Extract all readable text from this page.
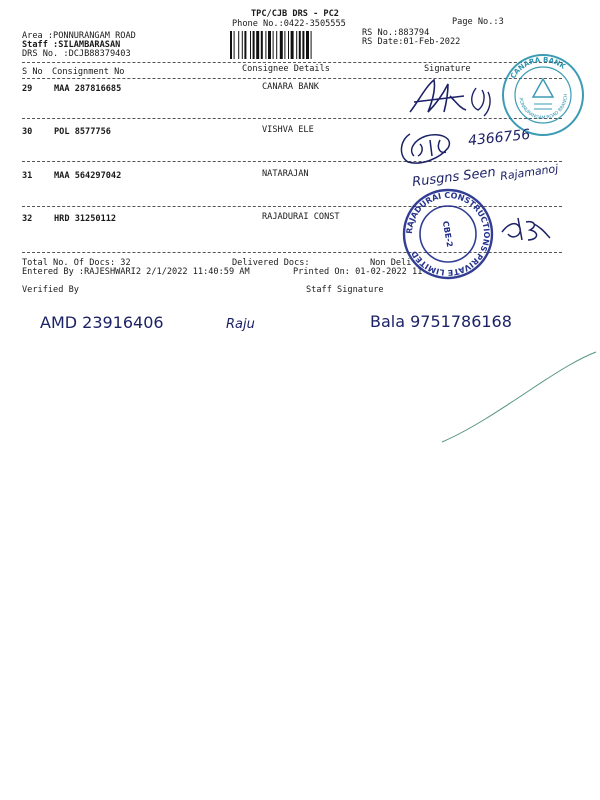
TPC/CJB DRS - PC2
Phone No.:0422-3505555	Page No.:3
Area :PONNURANGAM ROAD
Staff :SILAMBARASAN
DRS No. :DCJB88379403
RS No.:883794
RS Date:01-Feb-2022
S No Consignment No	Consignee Details	Signature
29	MAA 287816685	CANARA BANK
30	POL 8577756	VISHVA ELE
31	MAA 564297042	NATARAJAN
32	HRD 31250112	RAJADURAI CONST
Total No. Of Docs: 32	Delivered Docs:	Non Deli
Entered By :RAJESHWARI2 2/1/2022 11:40:59 AM	Printed On: 01-02-2022 11
Verified By	Staff Signature
CANARA BANK
PONNURANGAM ROAD BRANCH
RAJADURAI CONSTRUCTIONS PRIVATE LIMITED
CBE-2
4366756
Rusgns Seen Rajamanoj
AMD 23916406	Raju	Bala 9751786168
